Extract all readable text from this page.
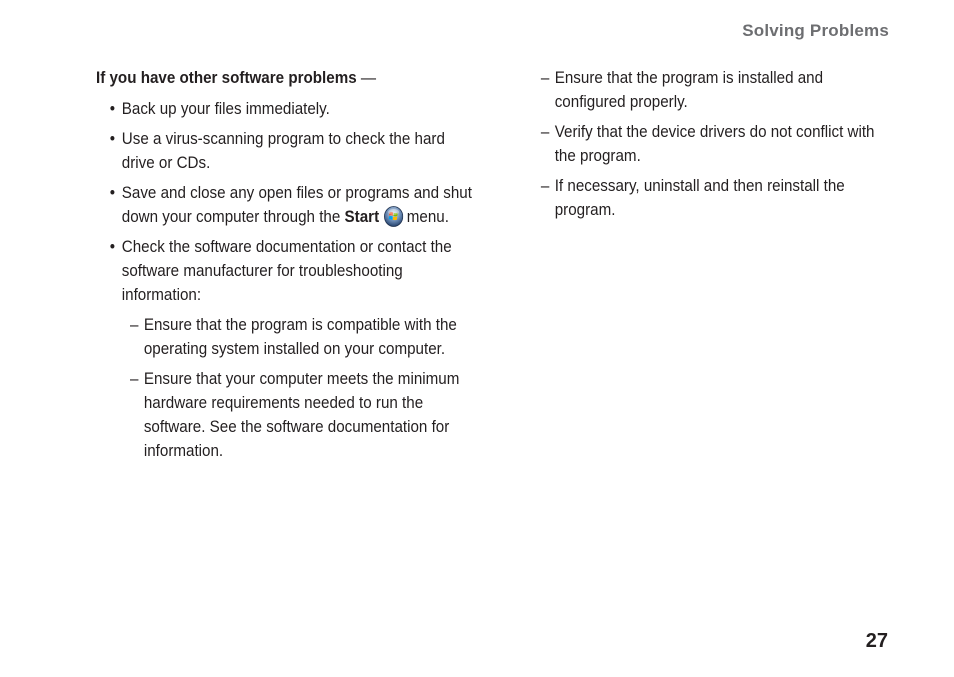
Solving Problems

If you have other software problems —

• Back up your files immediately.
• Use a virus-scanning program to check the hard drive or CDs.
• Save and close any open files or programs and shut down your computer through the Start menu.
• Check the software documentation or contact the software manufacturer for troubleshooting information:
– Ensure that the program is compatible with the operating system installed on your computer.
– Ensure that your computer meets the minimum hardware requirements needed to run the software. See the software documentation for information.
– Ensure that the program is installed and configured properly.
– Verify that the device drivers do not conflict with the program.
– If necessary, uninstall and then reinstall the program.
27
